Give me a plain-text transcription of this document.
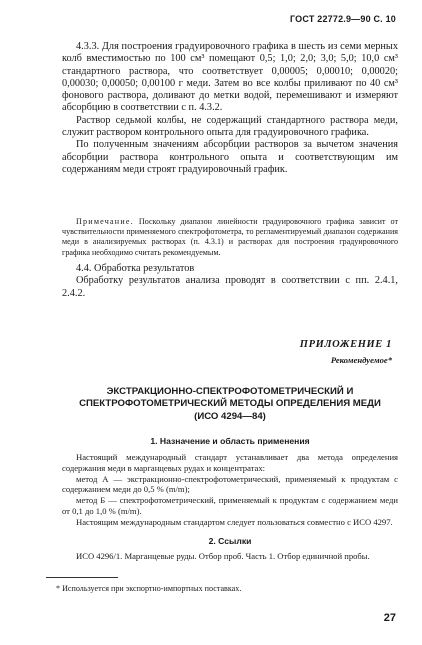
ГОСТ 22772.9—90 С. 10

4.3.3. Для построения градуировочного графика в шесть из семи мерных колб вместимостью по 100 см³ помещают 0,5; 1,0; 2,0; 3,0; 5,0; 10,0 см³ стандартного раствора, что соответствует 0,00005; 0,00010; 0,00020; 0,00030; 0,00050; 0,00100 г меди. Затем во все колбы приливают по 40 см³ фонового раствора, доливают до метки водой, перемешивают и измеряют абсорбцию в соответствии с п. 4.3.2.

Раствор седьмой колбы, не содержащий стандартного раствора меди, служит раствором контрольного опыта для градуировочного графика.

По полученным значениям абсорбции растворов за вычетом значения абсорбции раствора контрольного опыта и соответствующим им содержаниям меди строят градуировочный график.

Примечание. Поскольку диапазон линейности градуировочного графика зависит от чувствительности применяемого спектрофотометра, то регламентируемый диапазон содержания меди в анализируемых растворах (п. 4.3.1) и растворах для построения градуировочного графика необходимо считать рекомендуемым.

4.4. Обработка результатов

Обработку результатов анализа проводят в соответствии с пп. 2.4.1, 2.4.2.

ПРИЛОЖЕНИЕ 1
Рекомендуемое*
ЭКСТРАКЦИОННО-СПЕКТРОФОТОМЕТРИЧЕСКИЙ И
СПЕКТРОФОТОМЕТРИЧЕСКИЙ МЕТОДЫ ОПРЕДЕЛЕНИЯ МЕДИ
(ИСО 4294—84)
1. Назначение и область применения

Настоящий международный стандарт устанавливает два метода определения содержания меди в марганцевых рудах и концентратах:

метод А — экстракционно-спектрофотометрический, применяемый к продуктам с содержанием меди до 0,5 % (m/m);

метод Б — спектрофотометрический, применяемый к продуктам с содержанием меди от 0,1 до 1,0 % (m/m).

Настоящим международным стандартом следует пользоваться совместно с ИСО 4297.

2. Ссылки

ИСО 4296/1. Марганцевые руды. Отбор проб. Часть 1. Отбор единичной пробы.

* Используется при экспортно-импортных поставках.
27
